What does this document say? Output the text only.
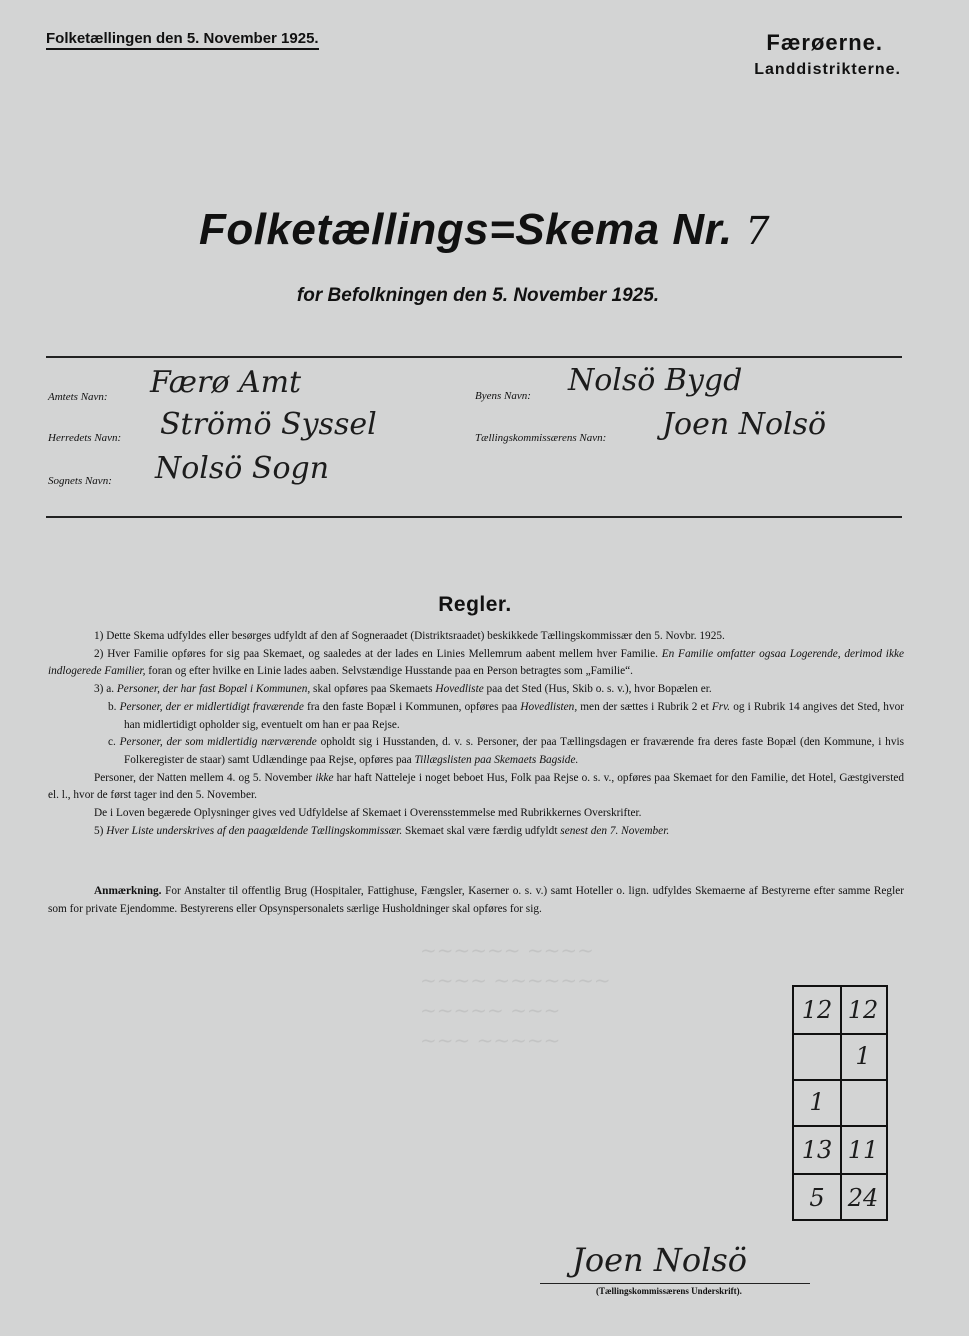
Folketællingen den 5. November 1925.	Færøerne.
Landdistrikterne.
Folketællings=Skema Nr. 7
for Befolkningen den 5. November 1925.
Amtets Navn: Færø Amt
Herredets Navn: Strömö Syssel
Sognets Navn: Nolsö Sogn
Byens Navn: Nolsö Bygd
Tællingskommissærens Navn: Joen Nolsö
~~~~~~ ~~~~
~~~~ ~~~~~~~
~~~~~ ~~~
~~~ ~~~~~
Regler.

1) Dette Skema udfyldes eller besørges udfyldt af den af Sogneraadet (Distriktsraadet) beskikkede Tællingskommissær den 5. Novbr. 1925.

2) Hver Familie opføres for sig paa Skemaet, og saaledes at der lades en Linies Mellemrum aabent mellem hver Familie. En Familie omfatter ogsaa Logerende, derimod ikke indlogerede Familier, foran og efter hvilke en Linie lades aaben. Selvstændige Husstande paa en Person betragtes som „Familie“.

3) a. Personer, der har fast Bopæl i Kommunen, skal opføres paa Skemaets Hovedliste paa det Sted (Hus, Skib o. s. v.), hvor Bopælen er.

b. Personer, der er midlertidigt fraværende fra den faste Bopæl i Kommunen, opføres paa Hovedlisten, men der sættes i Rubrik 2 et Frv. og i Rubrik 14 angives det Sted, hvor han midlertidigt opholder sig, eventuelt om han er paa Rejse.

c. Personer, der som midlertidig nærværende opholdt sig i Husstanden, d. v. s. Personer, der paa Tællingsdagen er fraværende fra deres faste Bopæl (den Kommune, i hvis Folkeregister de staar) samt Udlændinge paa Rejse, opføres paa Tillægslisten paa Skemaets Bagside.

Personer, der Natten mellem 4. og 5. November ikke har haft Natteleje i noget beboet Hus, Folk paa Rejse o. s. v., opføres paa Skemaet for den Familie, det Hotel, Gæstgiversted el. l., hvor de først tager ind den 5. November.

De i Loven begærede Oplysninger gives ved Udfyldelse af Skemaet i Overensstemmelse med Rubrikkernes Overskrifter.

5) Hver Liste underskrives af den paagældende Tællingskommissær. Skemaet skal være færdig udfyldt senest den 7. November.

Anmærkning. For Anstalter til offentlig Brug (Hospitaler, Fattighuse, Fængsler, Kaserner o. s. v.) samt Hoteller o. lign. udfyldes Skemaerne af Bestyrerne efter samme Regler som for private Ejendomme. Bestyrerens eller Opsynspersonalets særlige Husholdninger skal opføres for sig.
12 12
1
1
13 11
5 24
Joen Nolsö
(Tællingskommissærens Underskrift).
